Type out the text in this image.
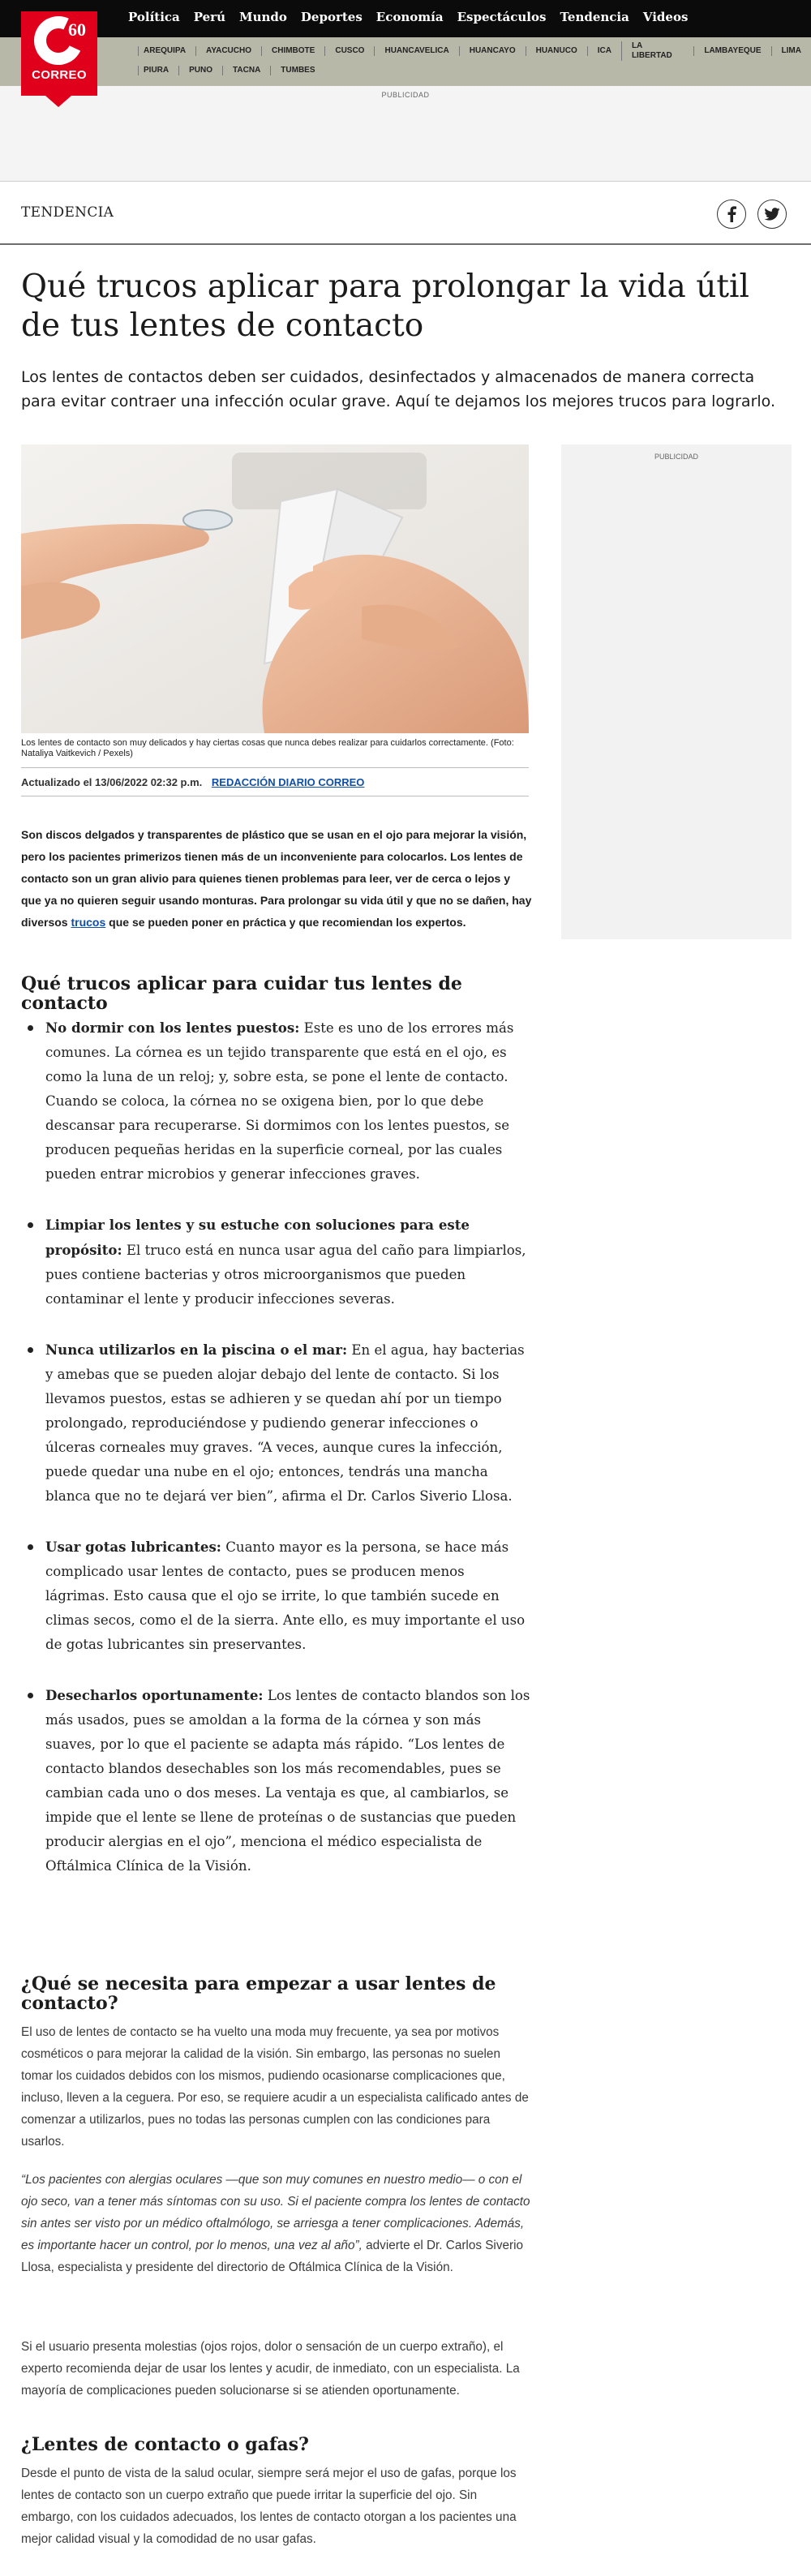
60
CORREO
Política Perú Mundo Deportes Economía Espectáculos Tendencia Videos
AREQUIPA	AYACUCHO	CHIMBOTE	CUSCO	HUANCAVELICA	HUANCAYO	HUANUCO	ICA
LA LIBERTAD
LAMBAYEQUE	LIMA
PIURA	PUNO	TACNA	TUMBES
PUBLICIDAD
TENDENCIA
Qué trucos aplicar para prolongar la vida útil de tus lentes de contacto

Los lentes de contactos deben ser cuidados, desinfectados y almacenados de manera correcta para evitar contraer una infección ocular grave. Aquí te dejamos los mejores trucos para lograrlo.

Los lentes de contacto son muy delicados y hay ciertas cosas que nunca debes realizar para cuidarlos correctamente. (Foto: Nataliya Vaitkevich / Pexels)

Actualizado el 13/06/2022 02:32 p.m. REDACCIÓN DIARIO CORREO
PUBLICIDAD

Son discos delgados y transparentes de plástico que se usan en el ojo para mejorar la visión, pero los pacientes primerizos tienen más de un inconveniente para colocarlos. Los lentes de contacto son un gran alivio para quienes tienen problemas para leer, ver de cerca o lejos y que ya no quieren seguir usando monturas. Para prolongar su vida útil y que no se dañen, hay diversos trucos que se pueden poner en práctica y que recomiendan los expertos.

Qué trucos aplicar para cuidar tus lentes de contacto
No dormir con los lentes puestos: Este es uno de los errores más comunes. La córnea es un tejido transparente que está en el ojo, es como la luna de un reloj; y, sobre esta, se pone el lente de contacto. Cuando se coloca, la córnea no se oxigena bien, por lo que debe descansar para recuperarse. Si dormimos con los lentes puestos, se producen pequeñas heridas en la superficie corneal, por las cuales pueden entrar microbios y generar infecciones graves.
Limpiar los lentes y su estuche con soluciones para este propósito: El truco está en nunca usar agua del caño para limpiarlos, pues contiene bacterias y otros microorganismos que pueden contaminar el lente y producir infecciones severas.
Nunca utilizarlos en la piscina o el mar: En el agua, hay bacterias y amebas que se pueden alojar debajo del lente de contacto. Si los llevamos puestos, estas se adhieren y se quedan ahí por un tiempo prolongado, reproduciéndose y pudiendo generar infecciones o úlceras corneales muy graves. “A veces, aunque cures la infección, puede quedar una nube en el ojo; entonces, tendrás una mancha blanca que no te dejará ver bien”, afirma el Dr. Carlos Siverio Llosa.
Usar gotas lubricantes: Cuanto mayor es la persona, se hace más complicado usar lentes de contacto, pues se producen menos lágrimas. Esto causa que el ojo se irrite, lo que también sucede en climas secos, como el de la sierra. Ante ello, es muy importante el uso de gotas lubricantes sin preservantes.
Desecharlos oportunamente: Los lentes de contacto blandos son los más usados, pues se amoldan a la forma de la córnea y son más suaves, por lo que el paciente se adapta más rápido. “Los lentes de contacto blandos desechables son los más recomendables, pues se cambian cada uno o dos meses. La ventaja es que, al cambiarlos, se impide que el lente se llene de proteínas o de sustancias que pueden producir alergias en el ojo”, menciona el médico especialista de Oftálmica Clínica de la Visión.
¿Qué se necesita para empezar a usar lentes de contacto?

El uso de lentes de contacto se ha vuelto una moda muy frecuente, ya sea por motivos cosméticos o para mejorar la calidad de la visión. Sin embargo, las personas no suelen tomar los cuidados debidos con los mismos, pudiendo ocasionarse complicaciones que, incluso, lleven a la ceguera. Por eso, se requiere acudir a un especialista calificado antes de comenzar a utilizarlos, pues no todas las personas cumplen con las condiciones para usarlos.

“Los pacientes con alergias oculares —que son muy comunes en nuestro medio— o con el ojo seco, van a tener más síntomas con su uso. Si el paciente compra los lentes de contacto sin antes ser visto por un médico oftalmólogo, se arriesga a tener complicaciones. Además, es importante hacer un control, por lo menos, una vez al año”, advierte el Dr. Carlos Siverio Llosa, especialista y presidente del directorio de Oftálmica Clínica de la Visión.

Si el usuario presenta molestias (ojos rojos, dolor o sensación de un cuerpo extraño), el experto recomienda dejar de usar los lentes y acudir, de inmediato, con un especialista. La mayoría de complicaciones pueden solucionarse si se atienden oportunamente.

¿Lentes de contacto o gafas?

Desde el punto de vista de la salud ocular, siempre será mejor el uso de gafas, porque los lentes de contacto son un cuerpo extraño que puede irritar la superficie del ojo. Sin embargo, con los cuidados adecuados, los lentes de contacto otorgan a los pacientes una mejor calidad visual y la comodidad de no usar gafas.
